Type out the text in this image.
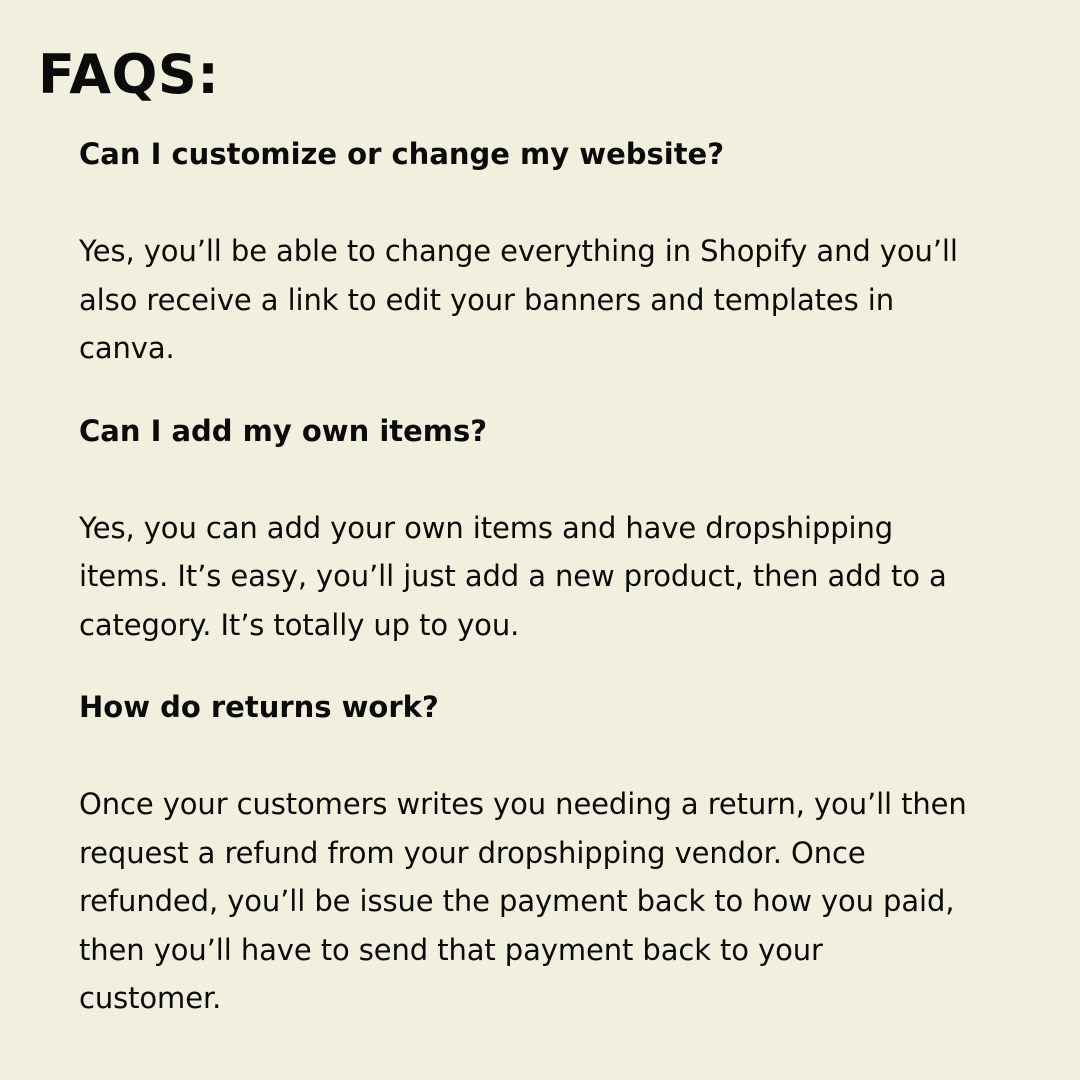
FAQS:
Can I customize or change my website?

Yes, you’ll be able to change everything in Shopify and you’ll
also receive a link to edit your banners and templates in
canva.

Can I add my own items?

Yes, you can add your own items and have dropshipping
items. It’s easy, you’ll just add a new product, then add to a
category. It’s totally up to you.

How do returns work?

Once your customers writes you needing a return, you’ll then
request a refund from your dropshipping vendor. Once
refunded, you’ll be issue the payment back to how you paid,
then you’ll have to send that payment back to your
customer.
